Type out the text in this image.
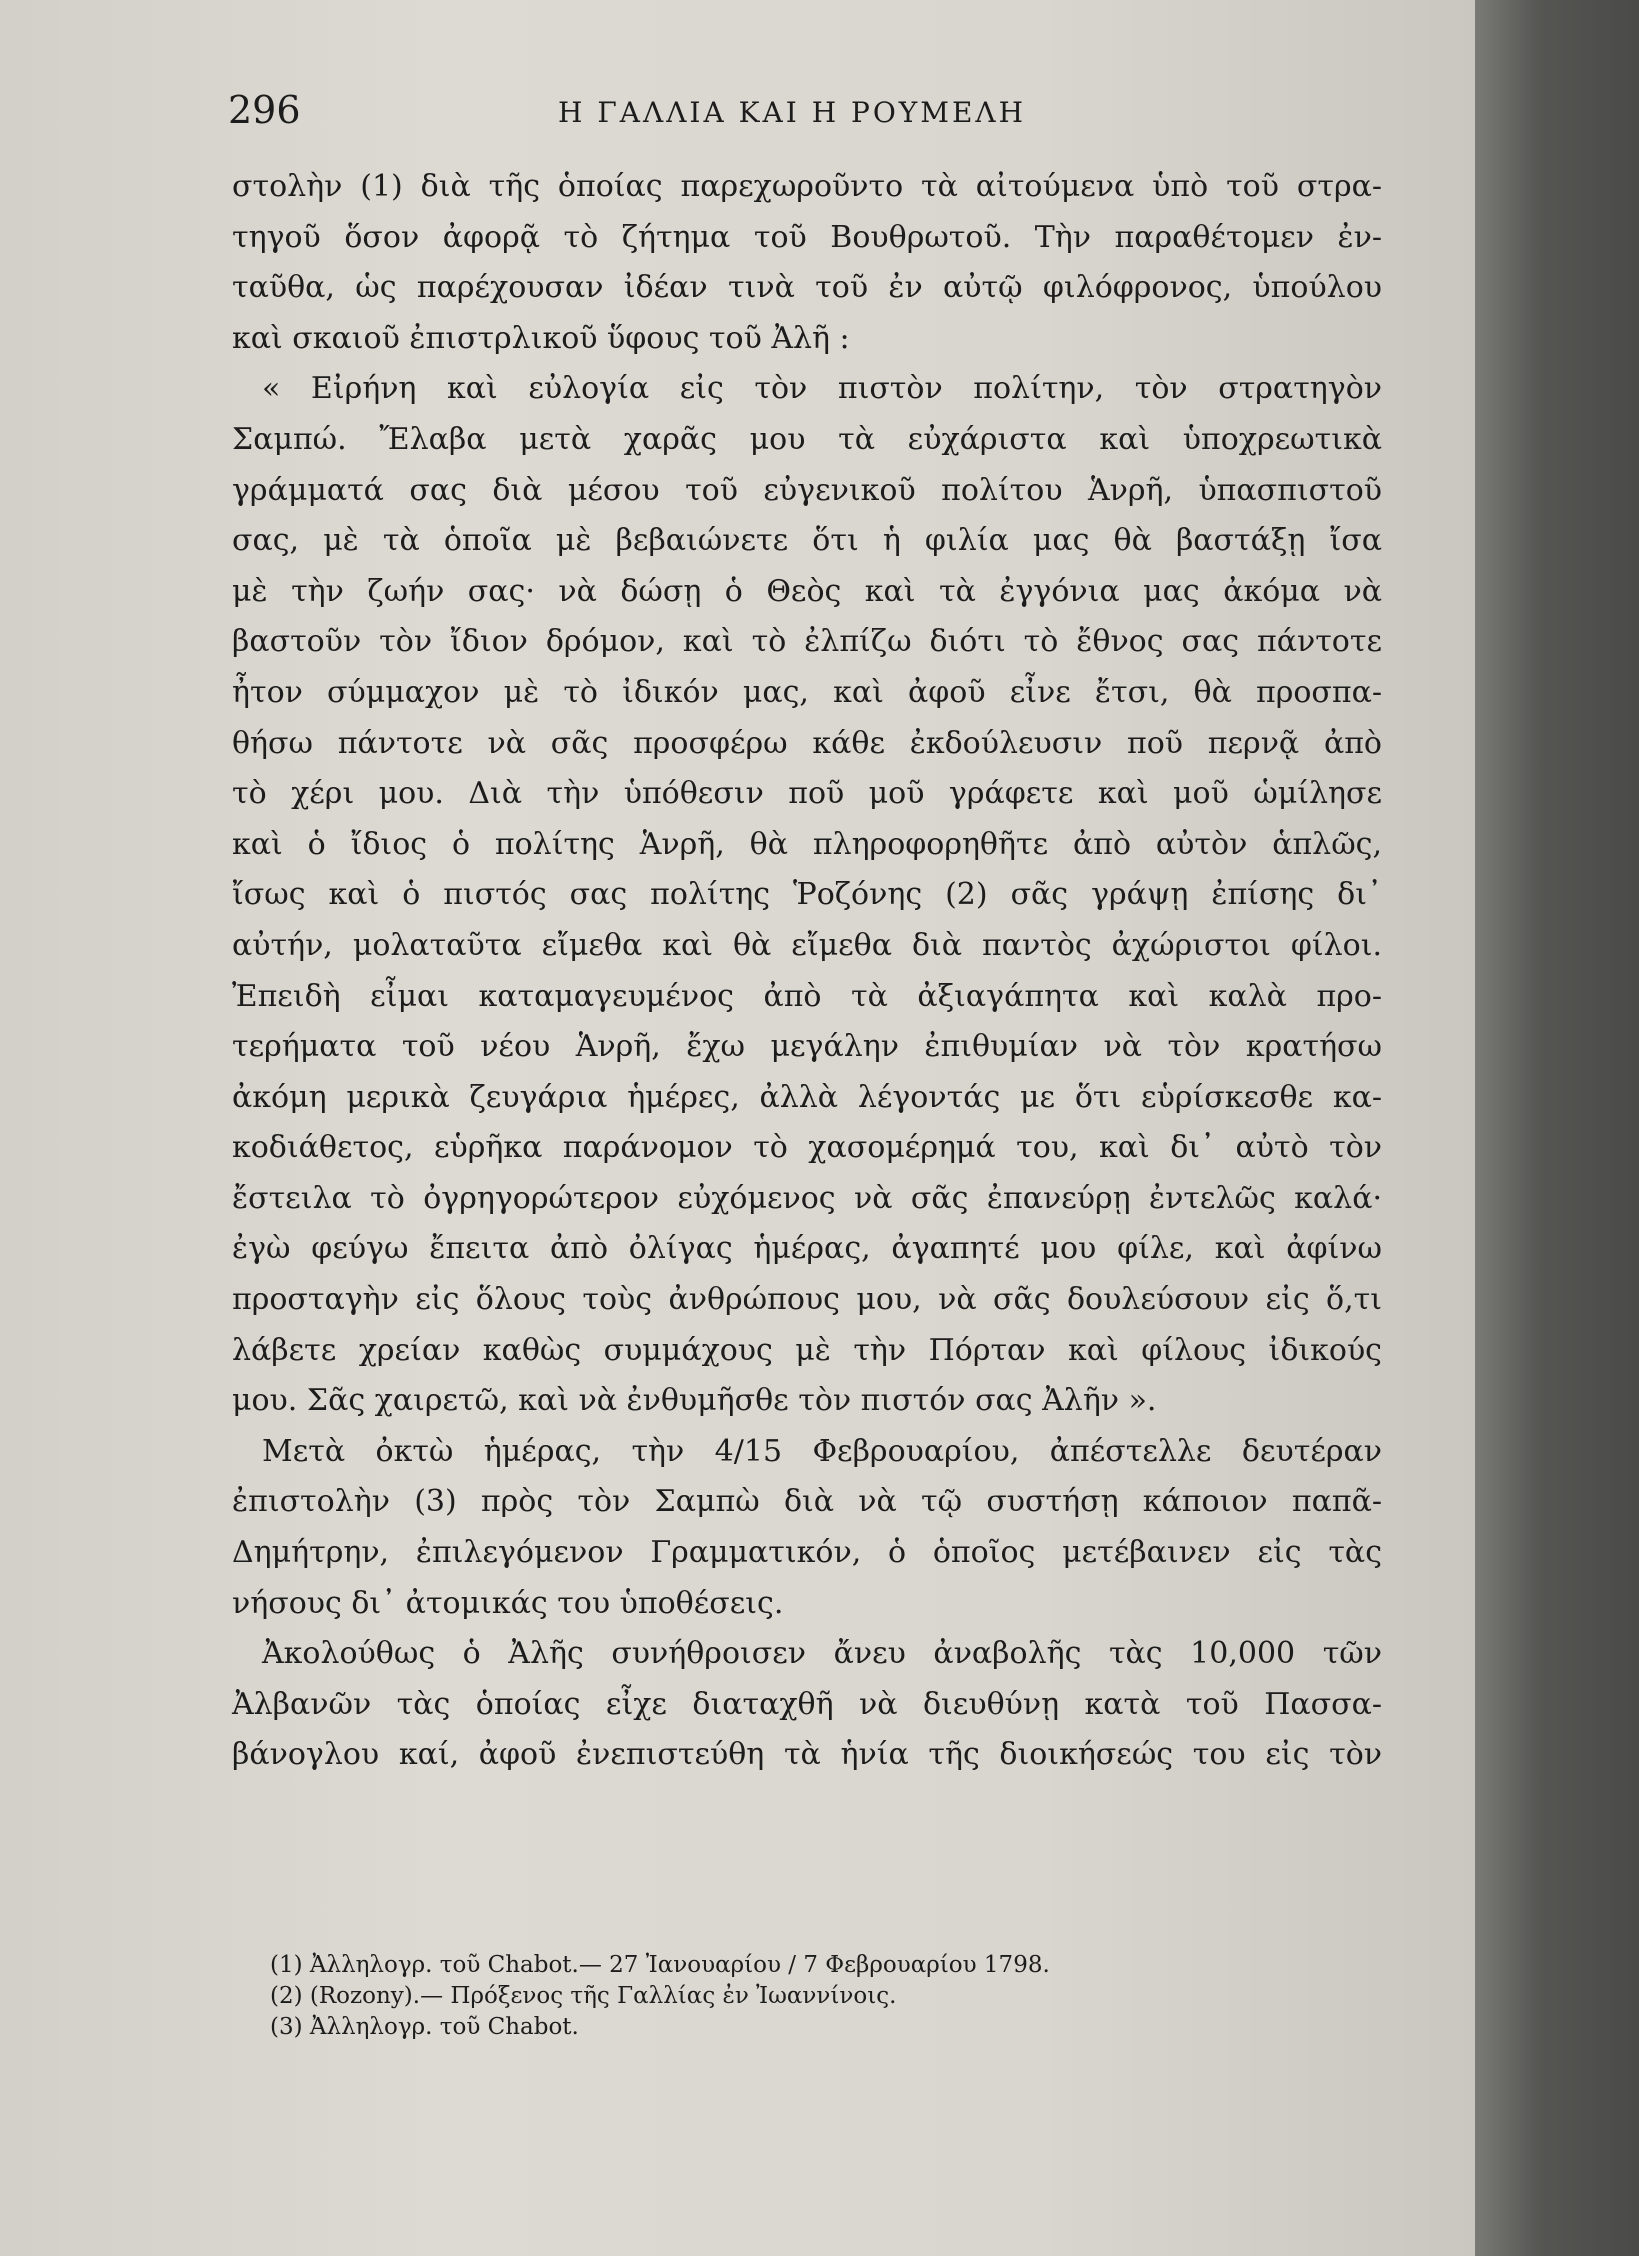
296	Η ΓΑΛΛΙΑ ΚΑΙ Η ΡΟΥΜΕΛΗ
στολὴν (1) διὰ τῆς ὁποίας παρεχωροῦντο τὰ αἰτούμενα ὑπὸ τοῦ στρα-
τηγοῦ ὅσον ἀφορᾷ τὸ ζήτημα τοῦ Βουθρωτοῦ. Τὴν παραθέτομεν ἐν-
ταῦθα, ὡς παρέχουσαν ἰδέαν τινὰ τοῦ ἐν αὐτῷ φιλόφρονος, ὑπούλου
καὶ σκαιοῦ ἐπιστρλικοῦ ὕφους τοῦ Ἀλῆ :
« Εἰρήνη καὶ εὐλογία εἰς τὸν πιστὸν πολίτην, τὸν στρατηγὸν
Σαμπώ. Ἔλαβα μετὰ χαρᾶς μου τὰ εὐχάριστα καὶ ὑποχρεωτικὰ
γράμματά σας διὰ μέσου τοῦ εὐγενικοῦ πολίτου Ἁνρῆ, ὑπασπιστοῦ
σας, μὲ τὰ ὁποῖα μὲ βεβαιώνετε ὅτι ἡ φιλία μας θὰ βαστάξῃ ἴσα
μὲ τὴν ζωήν σας· νὰ δώσῃ ὁ Θεὸς καὶ τὰ ἐγγόνια μας ἀκόμα νὰ
βαστοῦν τὸν ἴδιον δρόμον, καὶ τὸ ἐλπίζω διότι τὸ ἔθνος σας πάντοτε
ἦτον σύμμαχον μὲ τὸ ἰδικόν μας, καὶ ἀφοῦ εἶνε ἔτσι, θὰ προσπα-
θήσω πάντοτε νὰ σᾶς προσφέρω κάθε ἐκδούλευσιν ποῦ περνᾷ ἀπὸ
τὸ χέρι μου. Διὰ τὴν ὑπόθεσιν ποῦ μοῦ γράφετε καὶ μοῦ ὡμίλησε
καὶ ὁ ἴδιος ὁ πολίτης Ἁνρῆ, θὰ πληροφορηθῆτε ἀπὸ αὐτὸν ἁπλῶς,
ἴσως καὶ ὁ πιστός σας πολίτης Ῥοζόνης (2) σᾶς γράψῃ ἐπίσης δι᾽
αὐτήν, μολαταῦτα εἴμεθα καὶ θὰ εἴμεθα διὰ παντὸς ἀχώριστοι φίλοι.
Ἐπειδὴ εἶμαι καταμαγευμένος ἀπὸ τὰ ἀξιαγάπητα καὶ καλὰ προ-
τερήματα τοῦ νέου Ἁνρῆ, ἔχω μεγάλην ἐπιθυμίαν νὰ τὸν κρατήσω
ἀκόμη μερικὰ ζευγάρια ἡμέρες, ἀλλὰ λέγοντάς με ὅτι εὑρίσκεσθε κα-
κοδιάθετος, εὑρῆκα παράνομον τὸ χασομέρημά του, καὶ δι᾽ αὐτὸ τὸν
ἔστειλα τὸ ὀγρηγορώτερον εὐχόμενος νὰ σᾶς ἐπανεύρῃ ἐντελῶς καλά·
ἐγὼ φεύγω ἔπειτα ἀπὸ ὀλίγας ἡμέρας, ἀγαπητέ μου φίλε, καὶ ἀφίνω
προσταγὴν εἰς ὅλους τοὺς ἀνθρώπους μου, νὰ σᾶς δουλεύσουν εἰς ὅ,τι
λάβετε χρείαν καθὼς συμμάχους μὲ τὴν Πόρταν καὶ φίλους ἰδικούς
μου. Σᾶς χαιρετῶ, καὶ νὰ ἐνθυμῆσθε τὸν πιστόν σας Ἀλῆν ».
Μετὰ ὀκτὼ ἡμέρας, τὴν 4/15 Φεβρουαρίου, ἀπέστελλε δευτέραν
ἐπιστολὴν (3) πρὸς τὸν Σαμπὼ διὰ νὰ τῷ συστήσῃ κάποιον παπᾶ-
Δημήτρην, ἐπιλεγόμενον Γραμματικόν, ὁ ὁποῖος μετέβαινεν εἰς τὰς
νήσους δι᾽ ἀτομικάς του ὑποθέσεις.
Ἀκολούθως ὁ Ἀλῆς συνήθροισεν ἄνευ ἀναβολῆς τὰς 10,000 τῶν
Ἀλβανῶν τὰς ὁποίας εἶχε διαταχθῆ νὰ διευθύνῃ κατὰ τοῦ Πασσα-
βάνογλου καί, ἀφοῦ ἐνεπιστεύθη τὰ ἡνία τῆς διοικήσεώς του εἰς τὸν
(1) Ἀλληλογρ. τοῦ Chabot.— 27 Ἰανουαρίου / 7 Φεβρουαρίου 1798.
(2) (Rozony).— Πρόξενος τῆς Γαλλίας ἐν Ἰωαννίνοις.
(3) Ἀλληλογρ. τοῦ Chabot.
